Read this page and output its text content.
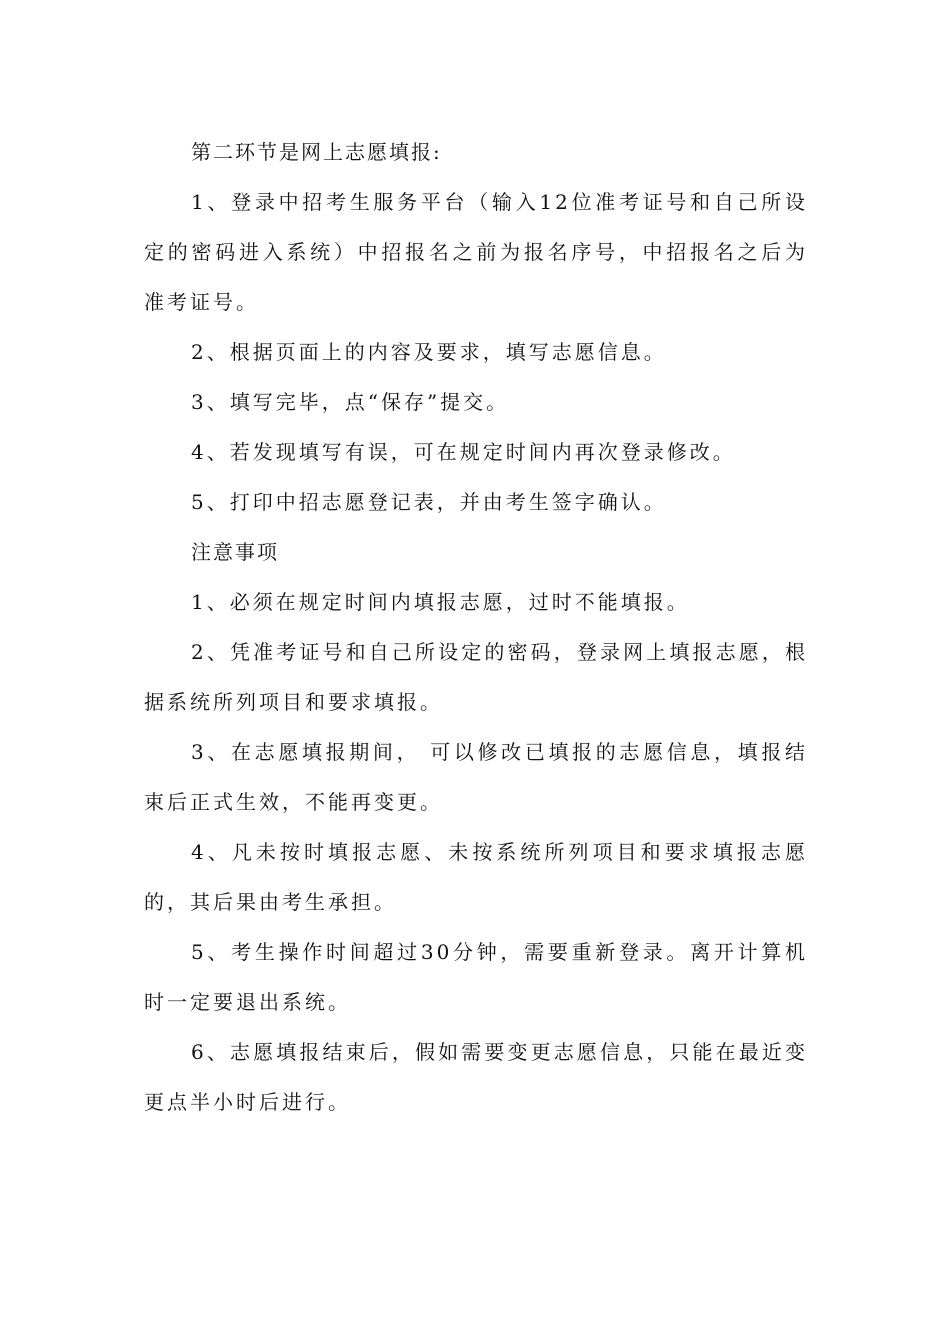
第二环节是网上志愿填报:

1、登录中招考生服务平台（输入12位准考证号和自己所设定的密码进入系统）中招报名之前为报名序号，中招报名之后为准考证号。

2、根据页面上的内容及要求，填写志愿信息。

3、填写完毕，点“保存”提交。

4、若发现填写有误，可在规定时间内再次登录修改。

5、打印中招志愿登记表，并由考生签字确认。

注意事项

1、必须在规定时间内填报志愿，过时不能填报。

2、凭准考证号和自己所设定的密码，登录网上填报志愿，根据系统所列项目和要求填报。

3、在志愿填报期间， 可以修改已填报的志愿信息，填报结束后正式生效，不能再变更。

4、凡未按时填报志愿、未按系统所列项目和要求填报志愿的，其后果由考生承担。

5、考生操作时间超过30分钟，需要重新登录。离开计算机时一定要退出系统。

6、志愿填报结束后，假如需要变更志愿信息，只能在最近变更点半小时后进行。
